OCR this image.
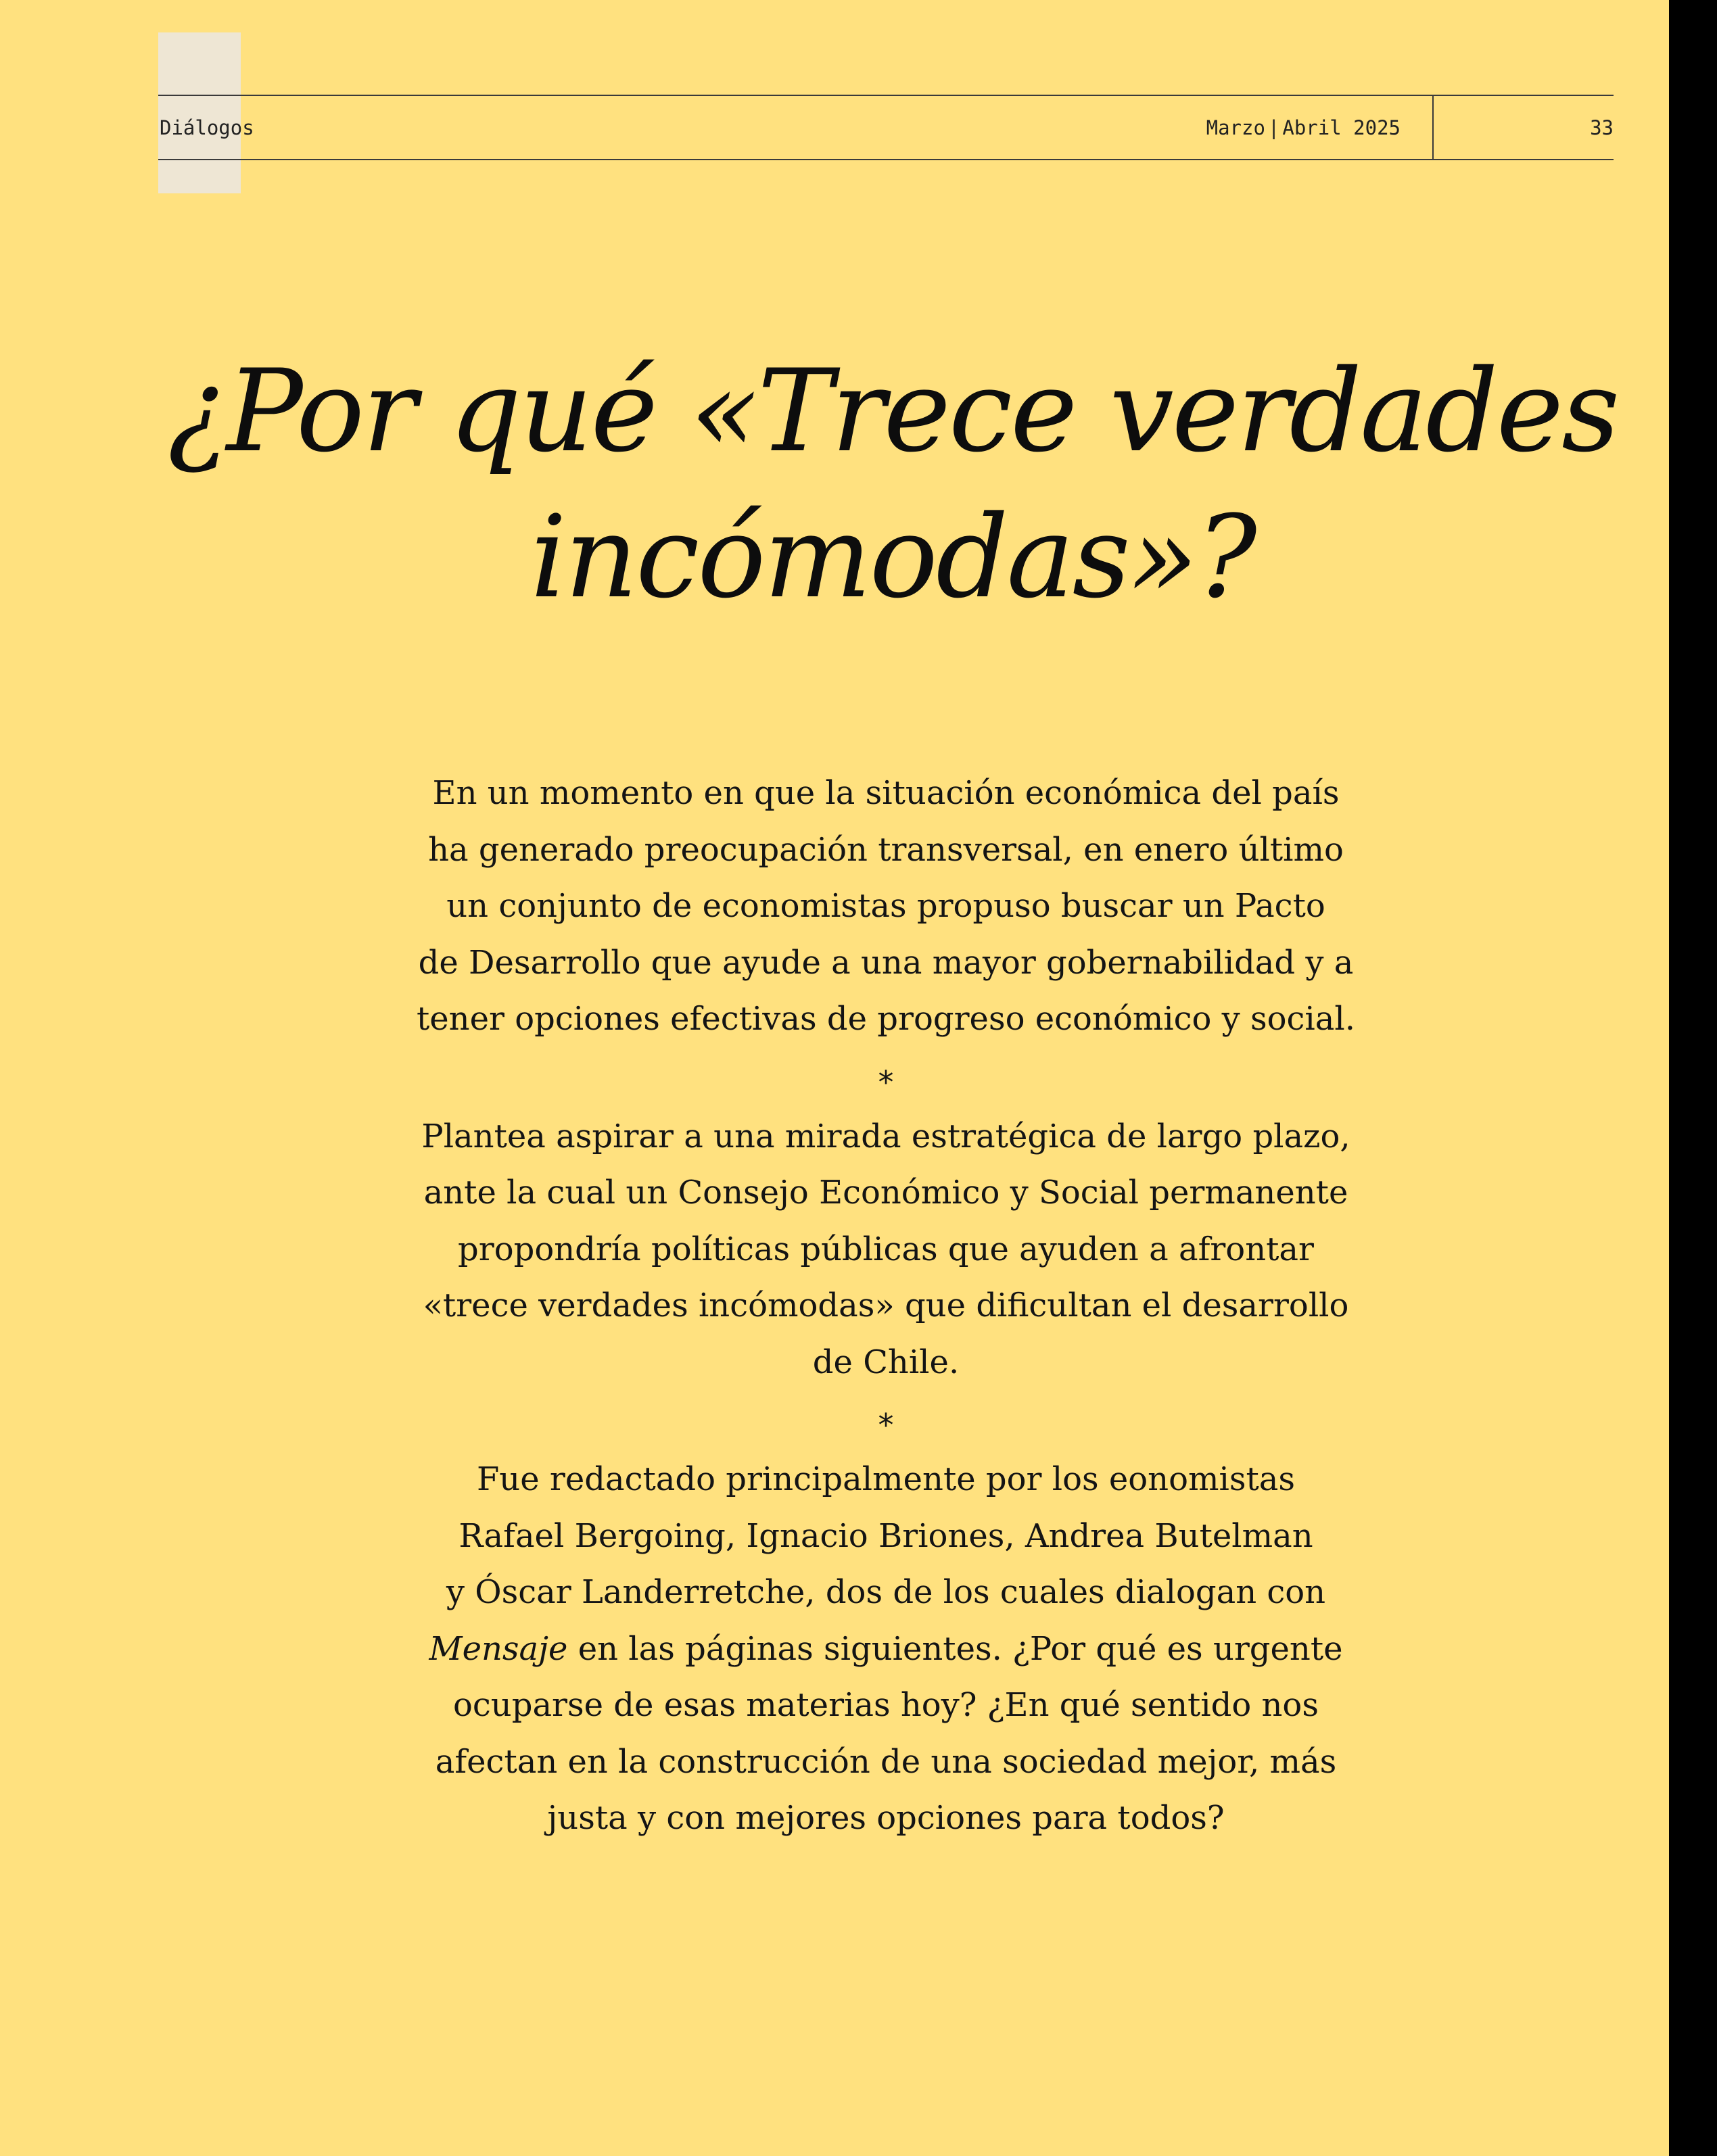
Diálogos	Marzo | Abril 2025	33
¿Por qué «Trece verdades
incómodas»?

En un momento en que la situación económica del país
ha generado preocupación transversal, en enero último
un conjunto de economistas propuso buscar un Pacto
de Desarrollo que ayude a una mayor gobernabilidad y a
tener opciones efectivas de progreso económico y social.

*

Plantea aspirar a una mirada estratégica de largo plazo,
ante la cual un Consejo Económico y Social permanente
propondría políticas públicas que ayuden a afrontar
«trece verdades incómodas» que dificultan el desarrollo
de Chile.

*

Fue redactado principalmente por los eonomistas
Rafael Bergoing, Ignacio Briones, Andrea Butelman
y Óscar Landerretche, dos de los cuales dialogan con
Mensaje en las páginas siguientes. ¿Por qué es urgente
ocuparse de esas materias hoy? ¿En qué sentido nos
afectan en la construcción de una sociedad mejor, más
justa y con mejores opciones para todos?
